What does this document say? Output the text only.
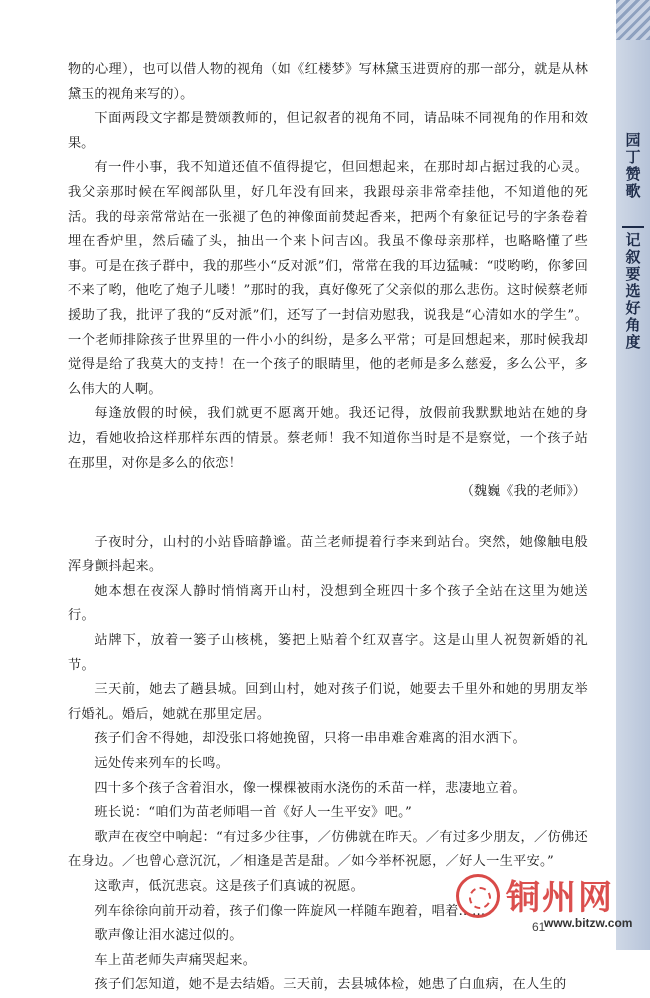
园丁赞歌
记叙要选好角度

物的心理），也可以借人物的视角（如《红楼梦》写林黛玉进贾府的那一部分，就是从林黛玉的视角来写的）。

下面两段文字都是赞颂教师的，但记叙者的视角不同，请品味不同视角的作用和效果。

有一件小事，我不知道还值不值得提它，但回想起来，在那时却占据过我的心灵。我父亲那时候在军阀部队里，好几年没有回来，我跟母亲非常牵挂他，不知道他的死活。我的母亲常常站在一张褪了色的神像面前焚起香来，把两个有象征记号的字条卷着埋在香炉里，然后磕了头，抽出一个来卜问吉凶。我虽不像母亲那样，也略略懂了些事。可是在孩子群中，我的那些小“反对派”们，常常在我的耳边猛喊：“哎哟哟，你爹回不来了哟，他吃了炮子儿喽！”那时的我，真好像死了父亲似的那么悲伤。这时候蔡老师援助了我，批评了我的“反对派”们，还写了一封信劝慰我，说我是“心清如水的学生”。一个老师排除孩子世界里的一件小小的纠纷，是多么平常；可是回想起来，那时候我却觉得是给了我莫大的支持！在一个孩子的眼睛里，他的老师是多么慈爱，多么公平，多么伟大的人啊。

每逢放假的时候，我们就更不愿离开她。我还记得，放假前我默默地站在她的身边，看她收拾这样那样东西的情景。蔡老师！我不知道你当时是不是察觉，一个孩子站在那里，对你是多么的依恋！

（魏巍《我的老师》）

子夜时分，山村的小站昏暗静谧。苗兰老师提着行李来到站台。突然，她像触电般浑身颤抖起来。

她本想在夜深人静时悄悄离开山村，没想到全班四十多个孩子全站在这里为她送行。

站牌下，放着一篓子山核桃，篓把上贴着个红双喜字。这是山里人祝贺新婚的礼节。

三天前，她去了趟县城。回到山村，她对孩子们说，她要去千里外和她的男朋友举行婚礼。婚后，她就在那里定居。

孩子们舍不得她，却没张口将她挽留，只将一串串难舍难离的泪水洒下。

远处传来列车的长鸣。

四十多个孩子含着泪水，像一棵棵被雨水浇伤的禾苗一样，悲凄地立着。

班长说：“咱们为苗老师唱一首《好人一生平安》吧。”

歌声在夜空中响起：“有过多少往事，／仿佛就在昨天。／有过多少朋友，／仿佛还在身边。／也曾心意沉沉，／相逢是苦是甜。／如今举杯祝愿，／好人一生平安。”

这歌声，低沉悲哀。这是孩子们真诚的祝愿。

列车徐徐向前开动着，孩子们像一阵旋风一样随车跑着，唱着……

歌声像让泪水滤过似的。

车上苗老师失声痛哭起来。

孩子们怎知道，她不是去结婚。三天前，去县城体检，她患了白血病，在人生的

61
铜州网
www.bitzw.com
